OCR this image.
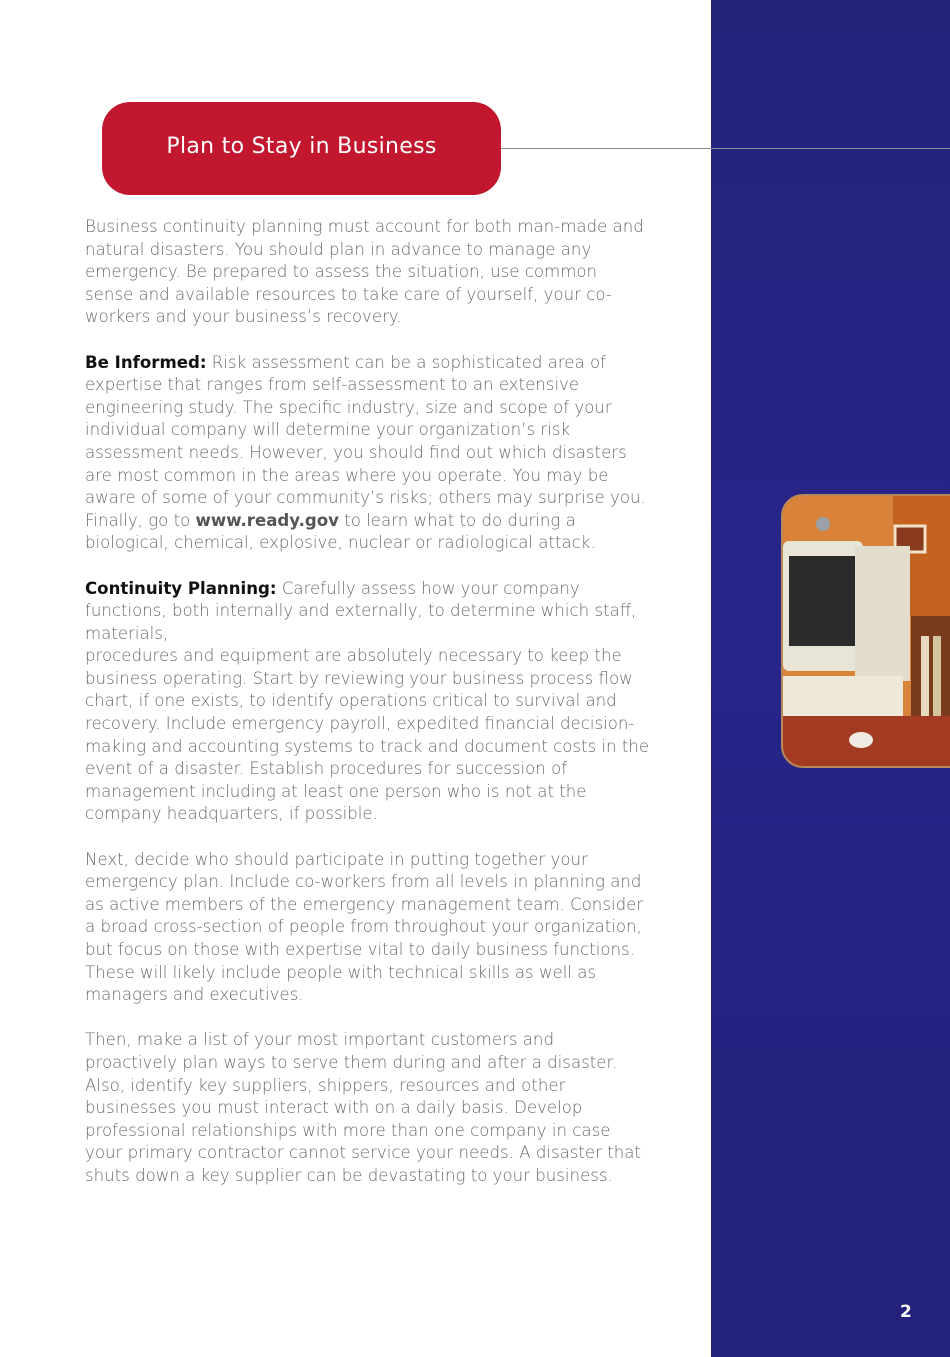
Plan to Stay in Business

Business continuity planning must account for both man-made and natural disasters. You should plan in advance to manage any emergency. Be prepared to assess the situation, use common sense and available resources to take care of yourself, your co-workers and your business’s recovery.

Be Informed: Risk assessment can be a sophisticated area of expertise that ranges from self-assessment to an extensive engineering study. The specific industry, size and scope of your individual company will determine your organization’s risk assessment needs. However, you should find out which disasters are most common in the areas where you operate. You may be aware of some of your community’s risks; others may surprise you. Finally, go to www.ready.gov to learn what to do during a biological, chemical, explosive, nuclear or radiological attack.

Continuity Planning: Carefully assess how your company functions, both internally and externally, to determine which staff, materials,
procedures and equipment are absolutely necessary to keep the business operating. Start by reviewing your business process flow chart, if one exists, to identify operations critical to survival and recovery. Include emergency payroll, expedited financial decision-making and accounting systems to track and document costs in the event of a disaster. Establish procedures for succession of management including at least one person who is not at the company headquarters, if possible.

Next, decide who should participate in putting together your emergency plan. Include co-workers from all levels in planning and as active members of the emergency management team. Consider a broad cross-section of people from throughout your organization, but focus on those with expertise vital to daily business functions. These will likely include people with technical skills as well as managers and executives.

Then, make a list of your most important customers and proactively plan ways to serve them during and after a disaster. Also, identify key suppliers, shippers, resources and other businesses you must interact with on a daily basis. Develop professional relationships with more than one company in case your primary contractor cannot service your needs. A disaster that shuts down a key supplier can be devastating to your business.

2
